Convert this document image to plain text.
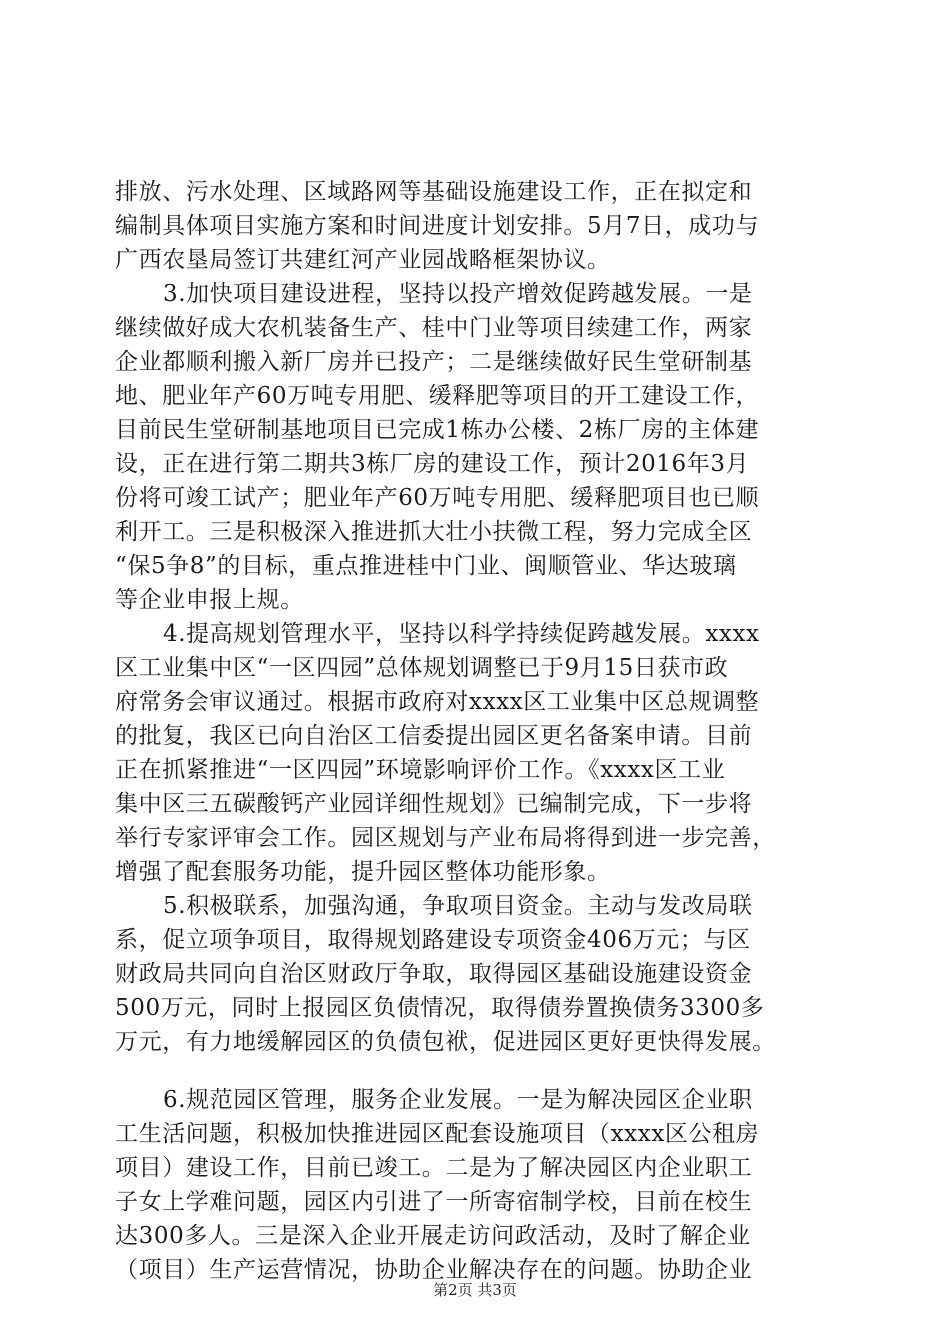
排放、污水处理、区域路网等基础设施建设工作，正在拟定和
编制具体项目实施方案和时间进度计划安排。5月7日，成功与
广西农垦局签订共建红河产业园战略框架协议。
3.加快项目建设进程，坚持以投产增效促跨越发展。一是
继续做好成大农机装备生产、桂中门业等项目续建工作，两家
企业都顺利搬入新厂房并已投产；二是继续做好民生堂研制基
地、肥业年产60万吨专用肥、缓释肥等项目的开工建设工作，
目前民生堂研制基地项目已完成1栋办公楼、2栋厂房的主体建
设，正在进行第二期共3栋厂房的建设工作，预计2016年3月
份将可竣工试产；肥业年产60万吨专用肥、缓释肥项目也已顺
利开工。三是积极深入推进抓大壮小扶微工程，努力完成全区
“保5争8”的目标，重点推进桂中门业、闽顺管业、华达玻璃
等企业申报上规。
4.提高规划管理水平，坚持以科学持续促跨越发展。xxxx
区工业集中区“一区四园”总体规划调整已于9月15日获市政
府常务会审议通过。根据市政府对xxxx区工业集中区总规调整
的批复，我区已向自治区工信委提出园区更名备案申请。目前
正在抓紧推进“一区四园”环境影响评价工作。《xxxx区工业
集中区三五碳酸钙产业园详细性规划》已编制完成，下一步将
举行专家评审会工作。园区规划与产业布局将得到进一步完善，
增强了配套服务功能，提升园区整体功能形象。
5.积极联系，加强沟通，争取项目资金。主动与发改局联
系，促立项争项目，取得规划路建设专项资金406万元；与区
财政局共同向自治区财政厅争取，取得园区基础设施建设资金
500万元，同时上报园区负债情况，取得债券置换债务3300多
万元，有力地缓解园区的负债包袱，促进园区更好更快得发展。
6.规范园区管理，服务企业发展。一是为解决园区企业职
工生活问题，积极加快推进园区配套设施项目（xxxx区公租房
项目）建设工作，目前已竣工。二是为了解决园区内企业职工
子女上学难问题，园区内引进了一所寄宿制学校，目前在校生
达300多人。三是深入企业开展走访问政活动，及时了解企业
（项目）生产运营情况，协助企业解决存在的问题。协助企业
第2页 共3页
